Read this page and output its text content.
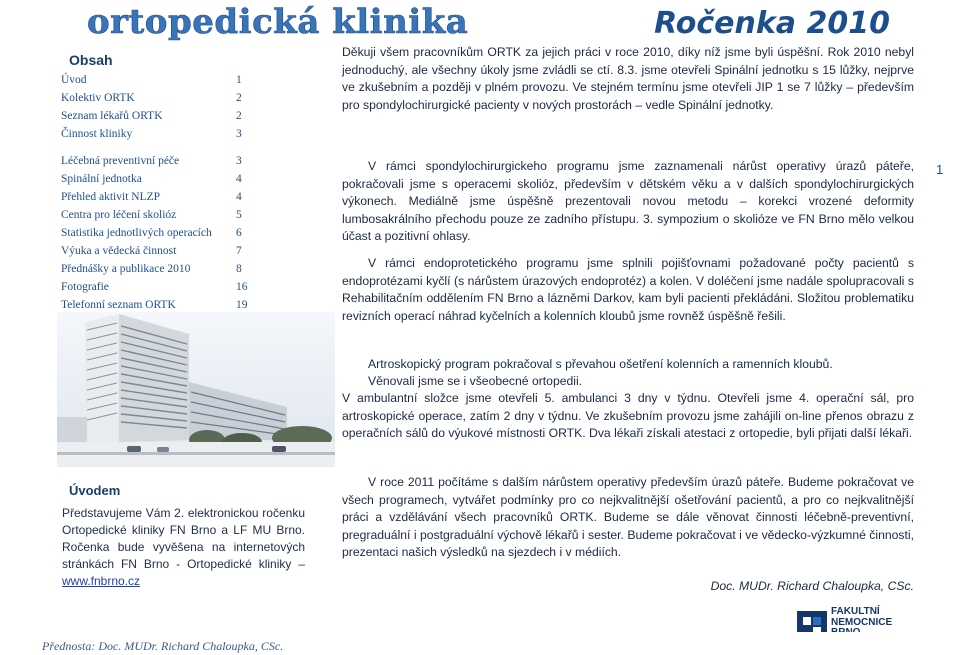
ortopedická klinika	Ročenka 2010
Obsah
Úvod	1
Kolektiv ORTK	2
Seznam lékařů ORTK	2
Činnost kliniky	3
Léčebná preventivní péče	3
Spinální jednotka	4
Přehled aktivit NLZP	4
Centra pro léčení skolióz	5
Statistika jednotlivých operacích 6
Výuka a vědecká činnost	7
Přednášky a publikace 2010	8
Fotografie	16
Telefonní seznam ORTK	19
Úvodem
Představujeme Vám 2. elektronickou ročenku Ortopedické kliniky FN Brno a LF MU Brno. Ročenka bude vyvěšena na internetových stránkách FN Brno - Ortopedické kliniky – www.fnbrno.cz

Děkuji všem pracovníkům ORTK za jejich práci v roce 2010, díky níž jsme byli úspěšní. Rok 2010 nebyl jednoduchý, ale všechny úkoly jsme zvládli se ctí. 8.3. jsme otevřeli Spinální jednotku s 15 lůžky, nejprve ve zkušebním a později v plném provozu. Ve stejném termínu jsme otevřeli JIP 1 se 7 lůžky – především pro spondylochirurgické pacienty v nových prostorách – vedle Spinální jednotky.

V rámci spondylochirurgickeho programu jsme zaznamenali nárůst operativy úrazů páteře, pokračovali jsme s operacemi skolióz, především v dětském věku a v dalších spondylochirurgických výkonech. Mediálně jsme úspěšně prezentovali novou metodu – korekci vrozené deformity lumbosakrálního přechodu pouze ze zadního přístupu. 3. sympozium o skolióze ve FN Brno mělo velkou účast a pozitivní ohlasy.

V rámci endoprotetického programu jsme splnili pojišťovnami požadované počty pacientů s endoprotézami kyčlí (s nárůstem úrazových endoprotéz) a kolen. V doléčení jsme nadále spolupracovali s Rehabilitačním oddělením FN Brno a lázněmi Darkov, kam byli pacienti překládáni. Složitou problematiku revizních operací náhrad kyčelních a kolenních kloubů jsme rovněž úspěšně řešili.

Artroskopický program pokračoval s převahou ošetření kolenních a ramenních kloubů.

Věnovali jsme se i všeobecné ortopedii.

V ambulantní složce jsme otevřeli 5. ambulanci 3 dny v týdnu. Otevřeli jsme 4. operační sál, pro artroskopické operace, zatím 2 dny v týdnu. Ve zkušebním provozu jsme zahájili on-line přenos obrazu z operačních sálů do výukové místnosti ORTK. Dva lékaři získali atestaci z ortopedie, byli přijati další lékaři.

V roce 2011 počítáme s dalším nárůstem operativy především úrazů páteře. Budeme pokračovat ve všech programech, vytvářet podmínky pro co nejkvalitnější ošetřování pacientů, a pro co nejkvalitnější práci a vzdělávání všech pracovníků ORTK. Budeme se dále věnovat činnosti léčebně-preventivní, pregraduální i postgraduální výchově lékařů i sester. Budeme pokračovat i ve vědecko-výzkumné činnosti, prezentaci našich výsledků na sjezdech i v médiích.

Doc. MUDr. Richard Chaloupka, CSc.
1
FAKULTNÍ
NEMOCNICE
Přednosta: Doc. MUDr. Richard Chaloupka, CSc.
